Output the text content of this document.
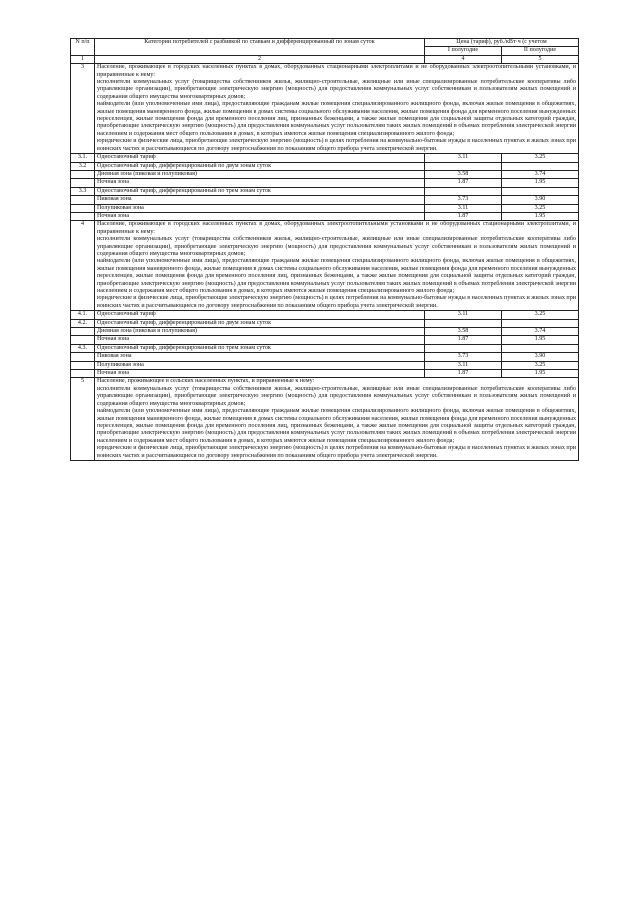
N п/п	Категории потребителей с разбивкой по ставкам и дифференцированный по зонам суток	Цена (тариф), руб./кВт·ч (с учетом	
		I полугодие	II полугодие
1	2	4	5
3	Население, проживающее в городских населенных пунктах в домах, оборудованных стационарными электроплитами и не оборудованных электроотопительными установками, и приравненные к нему:

исполнители коммунальных услуг (товарищества собственников жилья, жилищно-строительные, жилищные или иные специализированные потребительские кооперативы либо управляющие организации), приобретающие электрическую энергию (мощность) для предоставления коммунальных услуг собственникам и пользователям жилых помещений и содержания общего имущества многоквартирных домов;

наймодатели (или уполномоченные ими лица), предоставляющие гражданам жилые помещения специализированного жилищного фонда, включая жилые помещения в общежитиях, жилые помещения маневренного фонда, жилые помещения в домах системы социального обслуживания населения, жилые помещения фонда для временного поселения вынужденных переселенцев, жилые помещения фонда для временного поселения лиц, признанных беженцами, а также жилые помещения для социальной защиты отдельных категорий граждан, приобретающие электрическую энергию (мощность) для предоставления коммунальных услуг пользователям таких жилых помещений в объемах потребления электрической энергии населением и содержания мест общего пользования в домах, в которых имеются жилые помещения специализированного жилого фонда;

юридические и физические лица, приобретающие электрическую энергию (мощность) в целях потребления на коммунально-бытовые нужды в населенных пунктах и жилых зонах при воинских частях и рассчитывающиеся по договору энергоснабжения по показаниям общего прибора учета электрической энергии.		

3.1.	Одноставочный тариф	3.11	3.25
3.2	Одноставочный тариф, дифференцированный по двум зонам суток		
	Дневная зона (пиковая и полупиковая)	3.58	3.74
	Ночная зона	1.87	1.95
3.3	Одноставочный тариф, дифференцированный по трем зонам суток		
	Пиковая зона	3.73	3.90
	Полупиковая зона	3.11	3.25
	Ночная зона	1.87	1.95
4	Население, проживающее в городских населенных пунктах в домах, оборудованных электроотопительными установками и не оборудованных стационарными электроплитами, и приравненные к нему:

исполнители коммунальных услуг (товарищества собственников жилья, жилищно-строительные, жилищные или иные специализированные потребительские кооперативы либо управляющие организации), приобретающие электрическую энергию (мощность) для предоставления коммунальных услуг собственникам и пользователям жилых помещений и содержания общего имущества многоквартирных домов;

наймодатели (или уполномоченные ими лица), предоставляющие гражданам жилые помещения специализированного жилищного фонда, включая жилые помещения в общежитиях, жилые помещения маневренного фонда, жилые помещения в домах системы социального обслуживания населения, жилые помещения фонда для временного поселения вынужденных переселенцев, жилые помещения фонда для временного поселения лиц, признанных беженцами, а также жилые помещения для социальной защиты отдельных категорий граждан, приобретающие электрическую энергию (мощность) для предоставления коммунальных услуг пользователям таких жилых помещений в объемах потребления электрической энергии населением и содержания мест общего пользования в домах, в которых имеются жилые помещения специализированного жилого фонда;

юридические и физические лица, приобретающие электрическую энергию (мощность) в целях потребления на коммунально-бытовые нужды в населенных пунктах и жилых зонах при воинских частях и рассчитывающиеся по договору энергоснабжения по показаниям общего прибора учета электрической энергии.		

4.1.	Одноставочный тариф	3.11	3.25
4.2.	Одноставочный тариф, дифференцированный по двум зонам суток		
	Дневная зона (пиковая и полупиковая)	3.58	3.74
	Ночная зона	1.87	1.95
4.3.	Одноставочный тариф, дифференцированный по трем зонам суток		
	Пиковая зона	3.73	3.90
	Полупиковая зона	3.11	3.25
	Ночная зона	1.87	1.95
5	Население, проживающее в сельских населенных пунктах, и приравненные к нему:

исполнители коммунальных услуг (товарищества собственников жилья, жилищно-строительные, жилищные или иные специализированные потребительские кооперативы либо управляющие организации), приобретающие электрическую энергию (мощность) для предоставления коммунальных услуг собственникам и пользователям жилых помещений и содержания общего имущества многоквартирных домов;

наймодатели (или уполномоченные ими лица), предоставляющие гражданам жилые помещения специализированного жилищного фонда, включая жилые помещения в общежитиях, жилые помещения маневренного фонда, жилые помещения в домах системы социального обслуживания населения, жилые помещения фонда для временного поселения вынужденных переселенцев, жилые помещения фонда для временного поселения лиц, признанных беженцами, а также жилые помещения для социальной защиты отдельных категорий граждан, приобретающие электрическую энергию (мощность) для предоставления коммунальных услуг пользователям таких жилых помещений в объемах потребления электрической энергии населением и содержания мест общего пользования в домах, в которых имеются жилые помещения специализированного жилого фонда;

юридические и физические лица, приобретающие электрическую энергию (мощность) в целях потребления на коммунально-бытовые нужды в населенных пунктах и жилых зонах при воинских частях и рассчитывающиеся по договору энергоснабжения по показаниям общего прибора учета электрической энергии.		
